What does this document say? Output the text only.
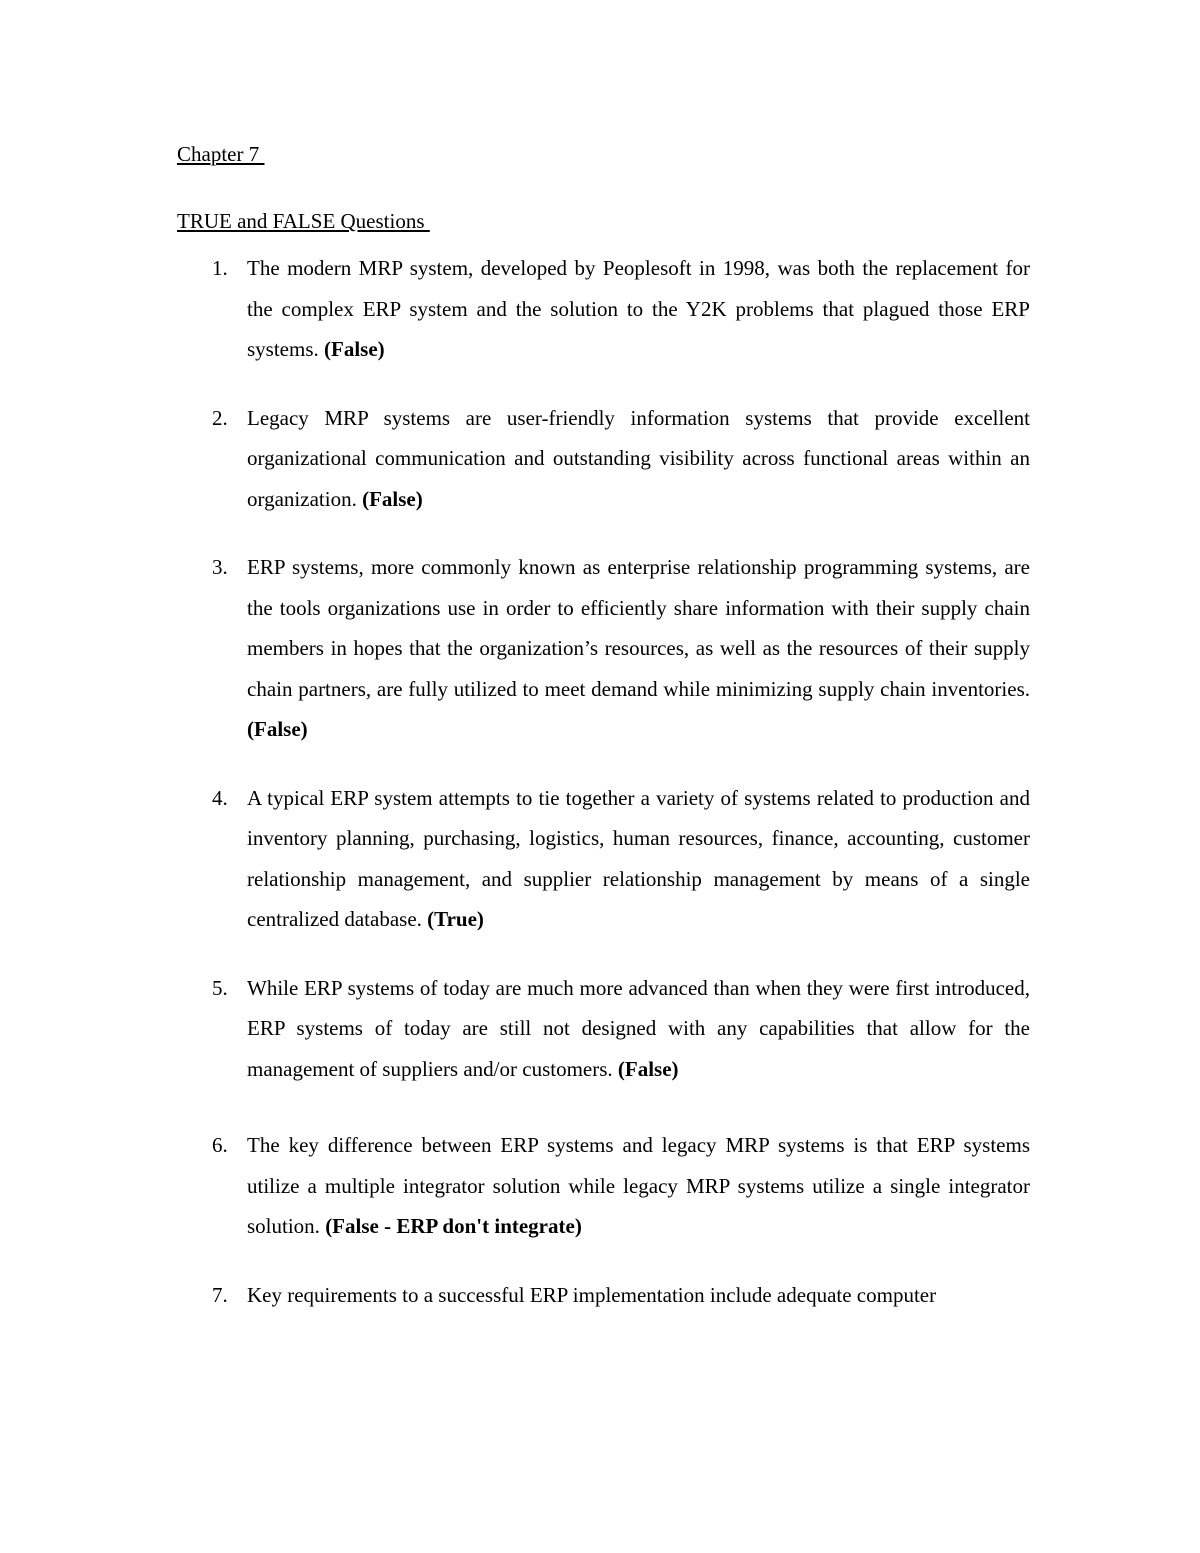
Chapter 7
TRUE and FALSE Questions
1. The modern MRP system, developed by Peoplesoft in 1998, was both the replacement for the complex ERP system and the solution to the Y2K problems that plagued those ERP systems. (False)
2. Legacy MRP systems are user-friendly information systems that provide excellent organizational communication and outstanding visibility across functional areas within an organization. (False)
3. ERP systems, more commonly known as enterprise relationship programming systems, are the tools organizations use in order to efficiently share information with their supply chain members in hopes that the organization’s resources, as well as the resources of their supply chain partners, are fully utilized to meet demand while minimizing supply chain inventories. (False)
4. A typical ERP system attempts to tie together a variety of systems related to production and inventory planning, purchasing, logistics, human resources, finance, accounting, customer relationship management, and supplier relationship management by means of a single centralized database. (True)
5. While ERP systems of today are much more advanced than when they were first introduced, ERP systems of today are still not designed with any capabilities that allow for the management of suppliers and/or customers. (False)
6. The key difference between ERP systems and legacy MRP systems is that ERP systems utilize a multiple integrator solution while legacy MRP systems utilize a single integrator solution. (False - ERP don't integrate)
7. Key requirements to a successful ERP implementation include adequate computer
